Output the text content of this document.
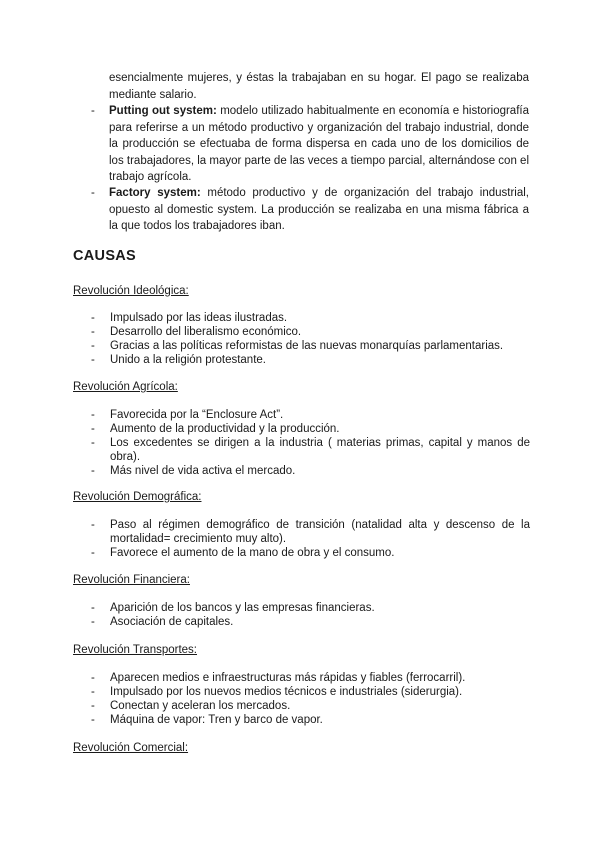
esencialmente mujeres, y éstas la trabajaban en su hogar. El pago se realizaba mediante salario.

- Putting out system: modelo utilizado habitualmente en economía e historiografía para referirse a un método productivo y organización del trabajo industrial, donde la producción se efectuaba de forma dispersa en cada uno de los domicilios de los trabajadores, la mayor parte de las veces a tiempo parcial, alternándose con el trabajo agrícola.
- Factory system: método productivo y de organización del trabajo industrial, opuesto al domestic system. La producción se realizaba en una misma fábrica a la que todos los trabajadores iban.
CAUSAS

Revolución Ideológica:

- Impulsado por las ideas ilustradas.
- Desarrollo del liberalismo económico.
- Gracias a las políticas reformistas de las nuevas monarquías parlamentarias.
- Unido a la religión protestante.

Revolución Agrícola:

- Favorecida por la “Enclosure Act”.
- Aumento de la productividad y la producción.
- Los excedentes se dirigen a la industria ( materias primas, capital y manos de obra).
- Más nivel de vida activa el mercado.

Revolución Demográfica:

- Paso al régimen demográfico de transición (natalidad alta y descenso de la mortalidad= crecimiento muy alto).
- Favorece el aumento de la mano de obra y el consumo.

Revolución Financiera:

- Aparición de los bancos y las empresas financieras.
- Asociación de capitales.

Revolución Transportes:

- Aparecen medios e infraestructuras más rápidas y fiables (ferrocarril).
- Impulsado por los nuevos medios técnicos e industriales (siderurgia).
- Conectan y aceleran los mercados.
- Máquina de vapor: Tren y barco de vapor.

Revolución Comercial:
